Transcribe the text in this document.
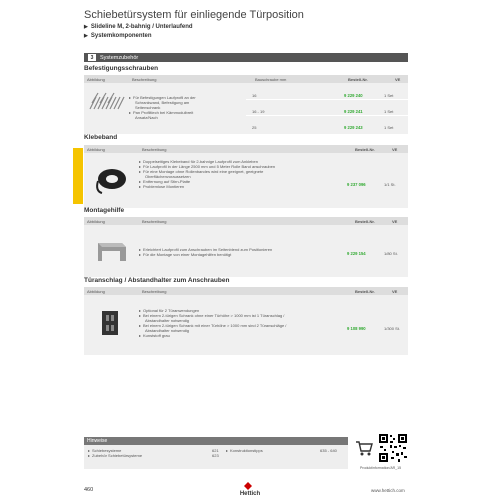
Schiebetürsystem für einliegende Türposition
▶ Slideline M, 2-bahnig / Unterlaufend
▶ Systemkomponenten
3	Systemzubehör
Befestigungsschrauben
Abbildung	Beschreibung	Bauschraube mm	Bestell-Nr.	VE
▸ Für Befestigungen Laufprofil an der
Schrankwand, Befestigung am
Seitenschrank
▸ Pan Profiltlech bei Kämmodulbreit
Ansatz/Nach
16	9 229 240	1 Set
16 - 19	9 229 241	1 Set
25	9 229 243	1 Set
Klebeband
Abbildung	Beschreibung	Bestell-Nr.	VE
▸ Doppelseitiges Klebeband für 2-bahnige Laufprofil zum Ankleben
▸ Für Laufprofil in der Länge 2500 mm und 5 Meter Rolle Band anschrauben
▸ Für eine Montage ohne Rollenbandes wird eine geeignet, geeignete
Oberflächenvoraussetzen
▸ Entfernung auf Stirn-Platte
▸ Problemlose Montieren	9 237 096	1/1 St.
Montagehilfe
Abbildung	Beschreibung	Bestell-Nr.	VE
▸ Erleichtert Laufprofil zum Anschrauben im Seitenblend zum Positionieren
▸ Für die Montage von einer Montagehilfen benötigt	9 229 154	1/80 St.
Türanschlag / Abstandhalter zum Anschrauben
Abbildung	Beschreibung	Bestell-Nr.	VE
▸ Optional für 2 Türanwendungen
▸ Bei einem 2-türigen Schrank ohne einer Türhöhe > 1000 mm ist 1 Türanschlag /
Abstandhalter notwendig
▸ Bei einem 2-türigen Schrank mit einer Türhöhe > 1000 mm sind 2 Türanschläge /
Abstandhalter notwendig
▸ Kunststoff grau
9 108 990	1/300 St.
Hinweise
▸ Schiebesysteme	621
▸ Zubehör Schiebetürsysteme	623
▸ Konstruktionstipps	635 - 640
Produktinformation/AR_15
460
Hettich
www.hettich.com
